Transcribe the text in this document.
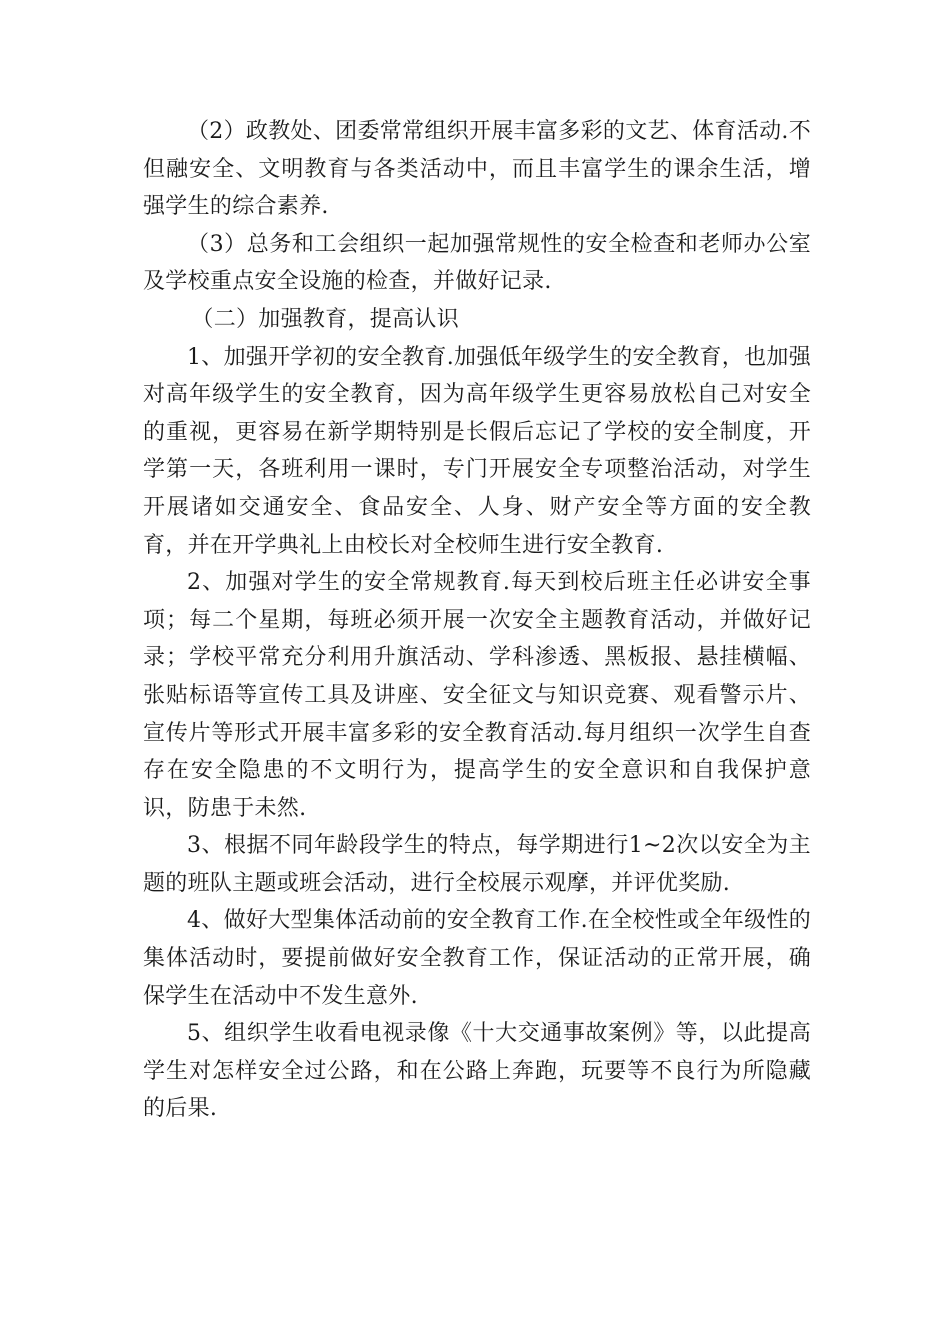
（2）政教处、团委常常组织开展丰富多彩的文艺、体育活动.不但融安全、文明教育与各类活动中，而且丰富学生的课余生活，增强学生的综合素养.

（3）总务和工会组织一起加强常规性的安全检查和老师办公室及学校重点安全设施的检查，并做好记录.

（二）加强教育，提高认识

1、加强开学初的安全教育.加强低年级学生的安全教育，也加强对高年级学生的安全教育，因为高年级学生更容易放松自己对安全的重视，更容易在新学期特别是长假后忘记了学校的安全制度，开学第一天，各班利用一课时，专门开展安全专项整治活动，对学生开展诸如交通安全、食品安全、人身、财产安全等方面的安全教育，并在开学典礼上由校长对全校师生进行安全教育.

2、加强对学生的安全常规教育.每天到校后班主任必讲安全事项；每二个星期，每班必须开展一次安全主题教育活动，并做好记录；学校平常充分利用升旗活动、学科渗透、黑板报、悬挂横幅、张贴标语等宣传工具及讲座、安全征文与知识竞赛、观看警示片、宣传片等形式开展丰富多彩的安全教育活动.每月组织一次学生自查存在安全隐患的不文明行为，提高学生的安全意识和自我保护意识，防患于未然.

3、根据不同年龄段学生的特点，每学期进行1~2次以安全为主题的班队主题或班会活动，进行全校展示观摩，并评优奖励.

4、做好大型集体活动前的安全教育工作.在全校性或全年级性的集体活动时，要提前做好安全教育工作，保证活动的正常开展，确保学生在活动中不发生意外.

5、组织学生收看电视录像《十大交通事故案例》等，以此提高学生对怎样安全过公路，和在公路上奔跑，玩要等不良行为所隐藏的后果.
